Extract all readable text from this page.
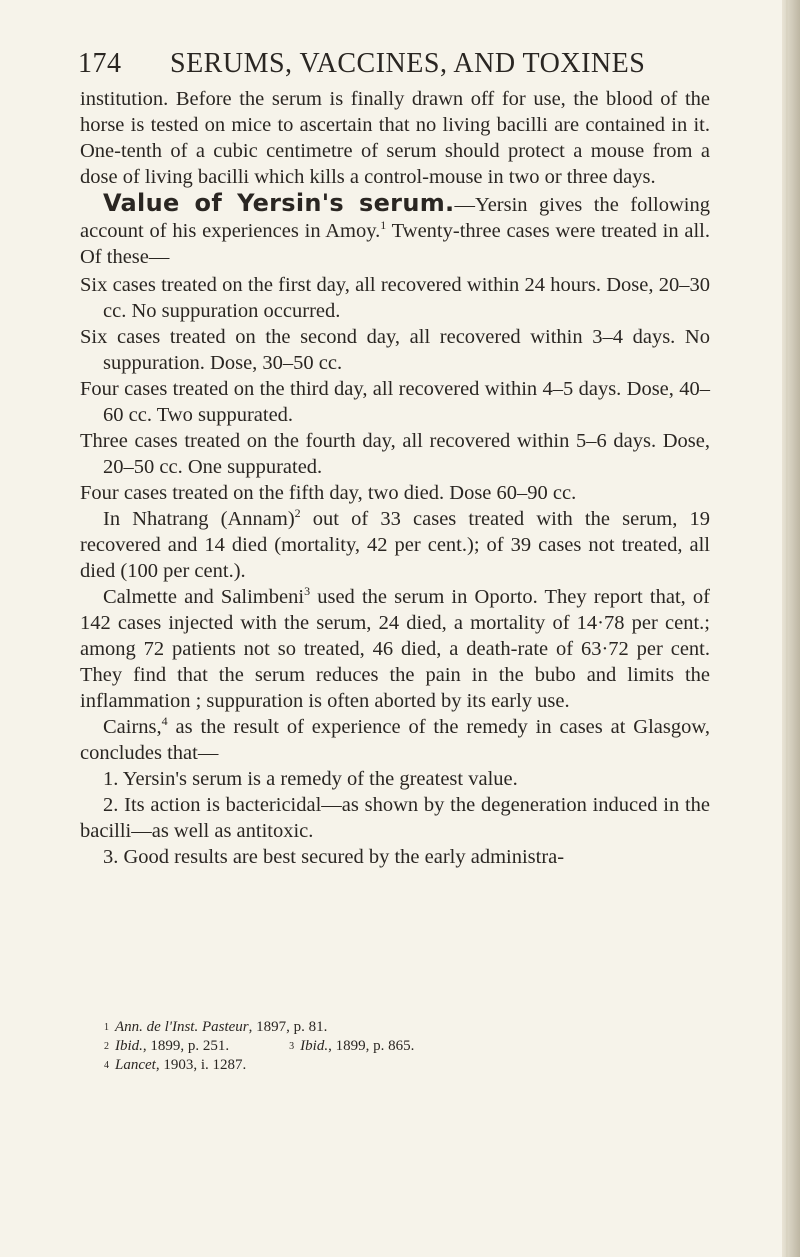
174 SERUMS, VACCINES, AND TOXINES

institution. Before the serum is finally drawn off for use, the blood of the horse is tested on mice to ascertain that no living bacilli are contained in it. One-tenth of a cubic centimetre of serum should protect a mouse from a dose of living bacilli which kills a control-mouse in two or three days.

Value of Yersin's serum.—Yersin gives the following account of his experiences in Amoy.$^1$ Twenty-three cases were treated in all. Of these—

Six cases treated on the first day, all recovered within 24 hours. Dose, 20–30 cc. No suppuration occurred.

Six cases treated on the second day, all recovered within 3–4 days. No suppuration. Dose, 30–50 cc.

Four cases treated on the third day, all recovered within 4–5 days. Dose, 40–60 cc. Two suppurated.

Three cases treated on the fourth day, all recovered within 5–6 days. Dose, 20–50 cc. One suppurated.

Four cases treated on the fifth day, two died. Dose 60–90 cc.

In Nhatrang (Annam)$^2$ out of 33 cases treated with the serum, 19 recovered and 14 died (mortality, 42 per cent.); of 39 cases not treated, all died (100 per cent.).

Calmette and Salimbeni$^3$ used the serum in Oporto. They report that, of 142 cases injected with the serum, 24 died, a mortality of 14·78 per cent.; among 72 patients not so treated, 46 died, a death-rate of 63·72 per cent. They find that the serum reduces the pain in the bubo and limits the inflammation ; suppuration is often aborted by its early use.

Cairns,$^4$ as the result of experience of the remedy in cases at Glasgow, concludes that—

1. Yersin's serum is a remedy of the greatest value.

2. Its action is bactericidal—as shown by the degeneration induced in the bacilli—as well as antitoxic.

3. Good results are best secured by the early administra-

$^1$ Ann. de l'Inst. Pasteur, 1897, p. 81.

$^2$ Ibid., 1899, p. 251.	$^3$ Ibid., 1899, p. 865.

$^4$ Lancet, 1903, i. 1287.
